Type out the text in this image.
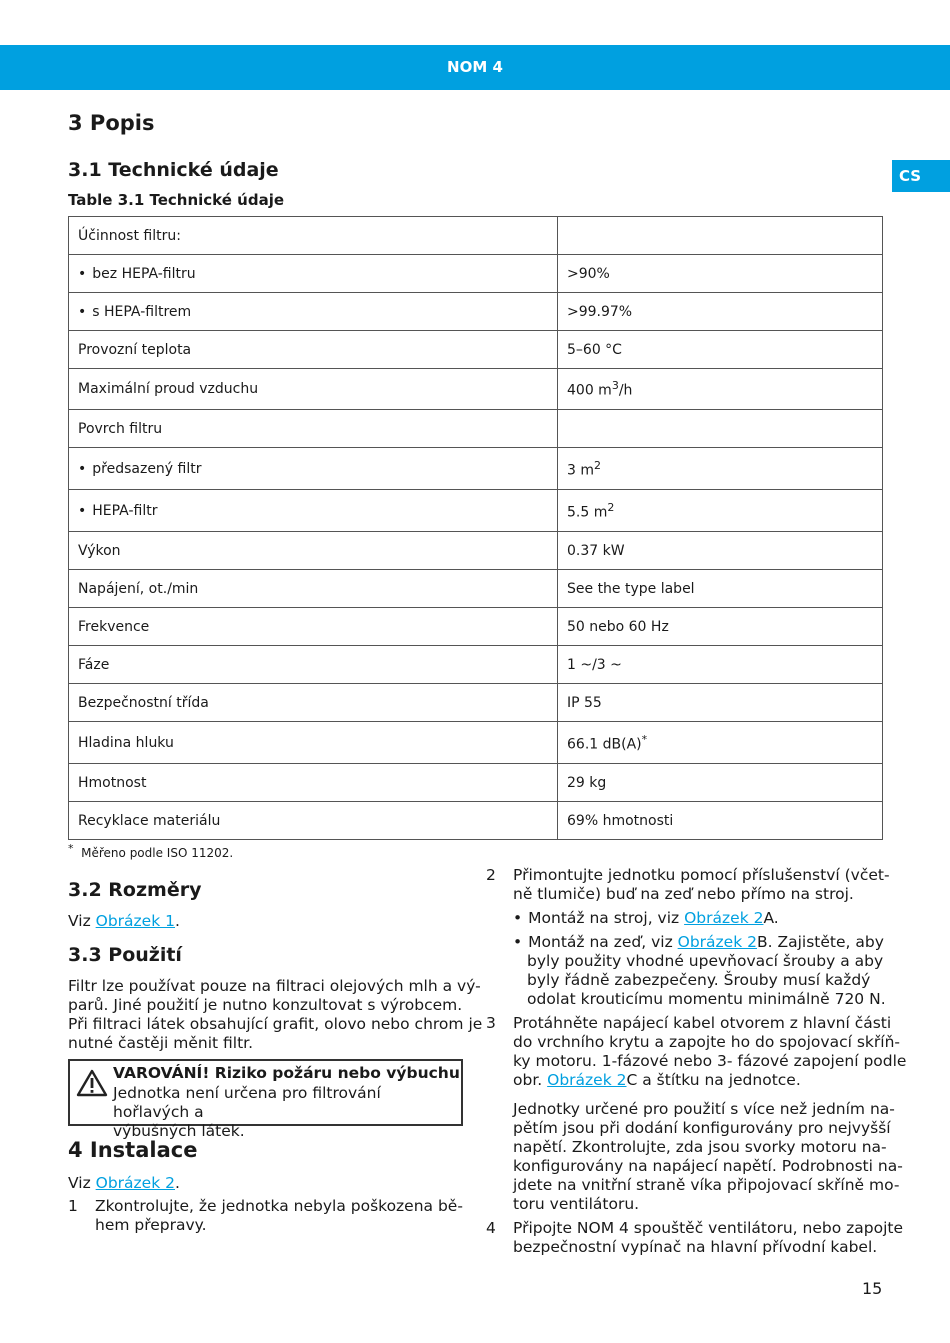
NOM 4
CS
3 Popis
3.1 Technické údaje
Table 3.1 Technické údaje
Účinnost filtru:	
• bez HEPA-filtru	>90%
• s HEPA-filtrem	>99.97%
Provozní teplota	5–60 °C
Maximální proud vzduchu	400 $m^3/h$
Povrch filtru	
• předsazený filtr	3 $m^2$
• HEPA-filtr	5.5 $m^2$
Výkon	0.37 kW
Napájení, ot./min	See the type label
Frekvence	50 nebo 60 Hz
Fáze	1 ~/3 ~
Bezpečnostní třída	IP 55
Hladina hluku	66.1 dB(A)*
Hmotnost	29 kg
Recyklace materiálu	69% hmotnosti
* Měřeno podle ISO 11202.
3.2 Rozměry
Viz Obrázek 1.
3.3 Použití
Filtr lze používat pouze na filtraci olejových mlh a vý-
parů. Jiné použití je nutno konzultovat s výrobcem.
Při filtraci látek obsahující grafit, olovo nebo chrom je
nutné častěji měnit filtr.
VAROVÁNÍ! Riziko požáru nebo výbuchu
Jednotka není určena pro filtrování hořlavých a
výbušných látek.
4 Instalace
Viz Obrázek 2.
1 Zkontrolujte, že jednotka nebyla poškozena bě-
hem přepravy.
2 Přimontujte jednotku pomocí příslušenství (včet-
ně tlumiče) buď na zeď nebo přímo na stroj.
• Montáž na stroj, viz Obrázek 2A.
• Montáž na zeď, viz Obrázek 2B. Zajistěte, aby
byly použity vhodné upevňovací šrouby a aby
byly řádně zabezpečeny. Šrouby musí každý
odolat krouticímu momentu minimálně 720 N.
3 Protáhněte napájecí kabel otvorem z hlavní části
do vrchního krytu a zapojte ho do spojovací skříň-
ky motoru. 1-fázové nebo 3- fázové zapojení podle
obr. Obrázek 2C a štítku na jednotce.
Jednotky určené pro použití s více než jedním na-
pětím jsou při dodání konfigurovány pro nejvyšší
napětí. Zkontrolujte, zda jsou svorky motoru na-
konfigurovány na napájecí napětí. Podrobnosti na-
jdete na vnitřní straně víka připojovací skříně mo-
toru ventilátoru.
4 Připojte NOM 4 spouštěč ventilátoru, nebo zapojte
bezpečnostní vypínač na hlavní přívodní kabel.
15
